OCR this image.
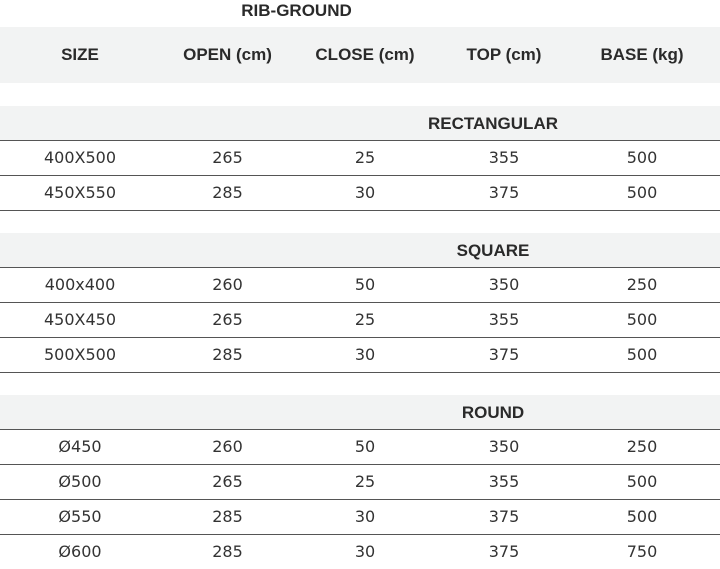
RIB-GROUND
SIZE	OPEN (cm)	CLOSE (cm)	TOP (cm)	BASE (kg)
RECTANGULAR
400X500	265	25	355	500
450X550	285	30	375	500
SQUARE
400x400	260	50	350	250
450X450	265	25	355	500
500X500	285	30	375	500
ROUND
Ø450	260	50	350	250
Ø500	265	25	355	500
Ø550	285	30	375	500
Ø600	285	30	375	750
